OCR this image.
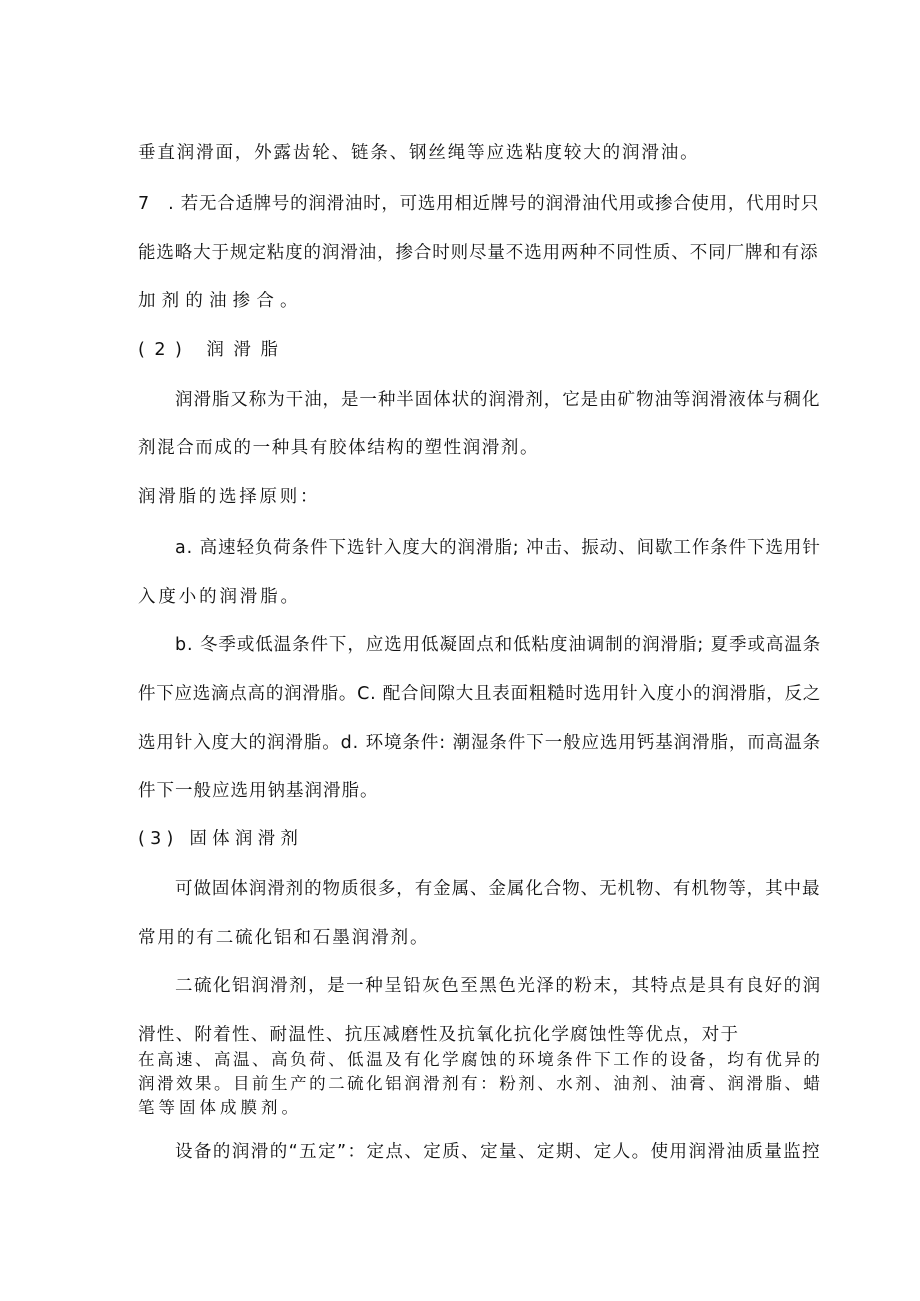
垂直润滑面，外露齿轮、链条、钢丝绳等应选粘度较大的润滑油。
7　. 若无合适牌号的润滑油时，可选用相近牌号的润滑油代用或掺合使用，代用时只
能选略大于规定粘度的润滑油，掺合时则尽量不选用两种不同性质、不同厂牌和有添
加剂的油掺合。
(2) 润滑脂
润滑脂又称为干油，是一种半固体状的润滑剂，它是由矿物油等润滑液体与稠化
剂混合而成的一种具有胶体结构的塑性润滑剂。
润滑脂的选择原则：
a. 高速轻负荷条件下选针入度大的润滑脂; 冲击、振动、间歇工作条件下选用针
入度小的润滑脂。
b. 冬季或低温条件下，应选用低凝固点和低粘度油调制的润滑脂; 夏季或高温条
件下应选滴点高的润滑脂。C. 配合间隙大且表面粗糙时选用针入度小的润滑脂，反之
选用针入度大的润滑脂。d. 环境条件: 潮湿条件下一般应选用钙基润滑脂，而高温条
件下一般应选用钠基润滑脂。
(3) 固体润滑剂
可做固体润滑剂的物质很多，有金属、金属化合物、无机物、有机物等，其中最
常用的有二硫化铝和石墨润滑剂。
二硫化铝润滑剂，是一种呈铅灰色至黑色光泽的粉末，其特点是具有良好的润
滑性、附着性、耐温性、抗压减磨性及抗氧化抗化学腐蚀性等优点，对于
在高速、高温、高负荷、低温及有化学腐蚀的环境条件下工作的设备，均有优异的
润滑效果。目前生产的二硫化铝润滑剂有：粉剂、水剂、油剂、油膏、润滑脂、蜡
笔等固体成膜剂。
设备的润滑的“五定”：定点、定质、定量、定期、定人。使用润滑油质量监控
